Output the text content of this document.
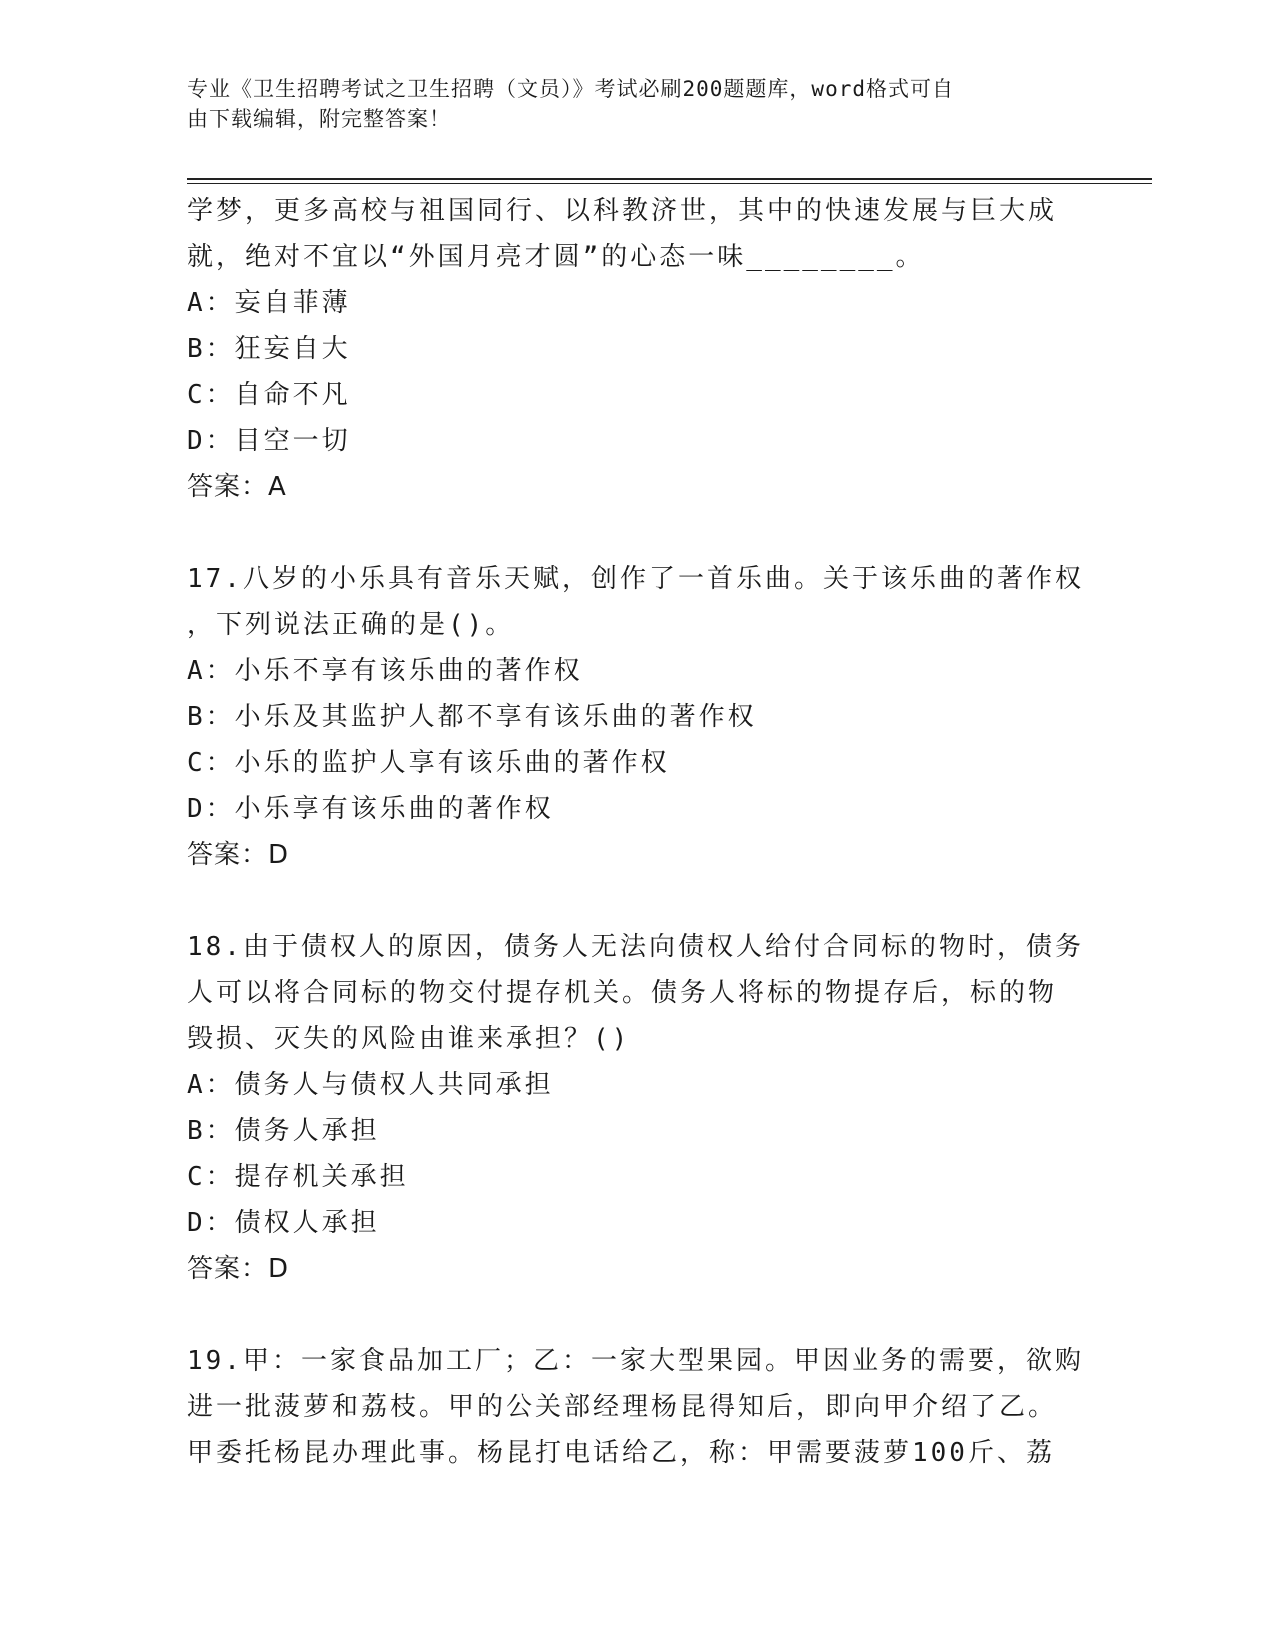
专业《卫生招聘考试之卫生招聘（文员）》考试必刷200题题库，word格式可自
由下载编辑，附完整答案！
学梦，更多高校与祖国同行、以科教济世，其中的快速发展与巨大成
就，绝对不宜以“外国月亮才圆”的心态一味________。
A：妄自菲薄
B：狂妄自大
C：自命不凡
D：目空一切
答案：A
17.八岁的小乐具有音乐天赋，创作了一首乐曲。关于该乐曲的著作权
，下列说法正确的是()。
A：小乐不享有该乐曲的著作权
B：小乐及其监护人都不享有该乐曲的著作权
C：小乐的监护人享有该乐曲的著作权
D：小乐享有该乐曲的著作权
答案：D
18.由于债权人的原因，债务人无法向债权人给付合同标的物时，债务
人可以将合同标的物交付提存机关。债务人将标的物提存后，标的物
毁损、灭失的风险由谁来承担？()
A：债务人与债权人共同承担
B：债务人承担
C：提存机关承担
D：债权人承担
答案：D
19.甲：一家食品加工厂；乙：一家大型果园。甲因业务的需要，欲购
进一批菠萝和荔枝。甲的公关部经理杨昆得知后，即向甲介绍了乙。
甲委托杨昆办理此事。杨昆打电话给乙，称：甲需要菠萝100斤、荔
